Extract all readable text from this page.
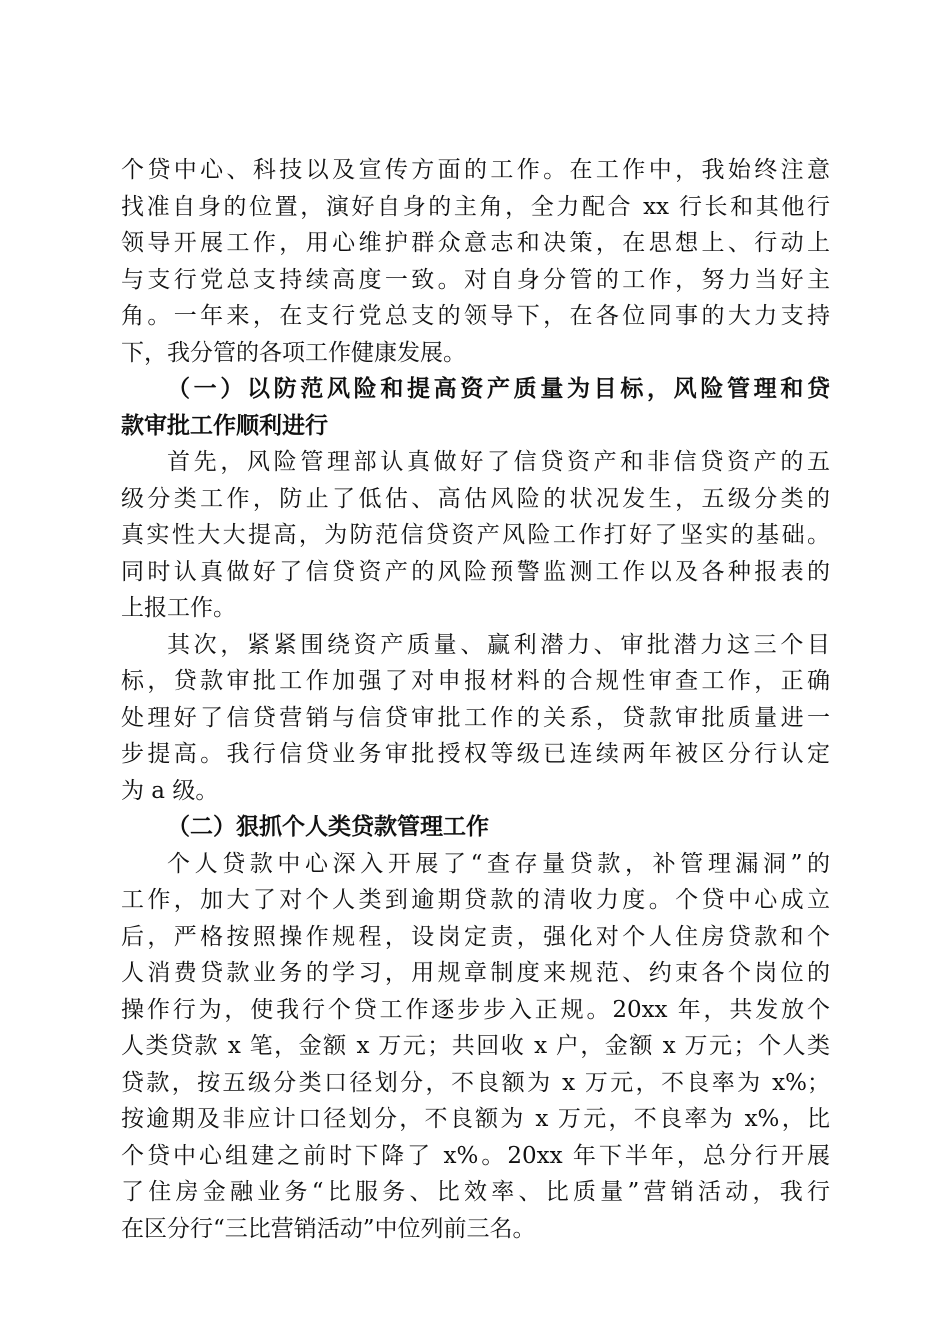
个贷中心、科技以及宣传方面的工作。在工作中，我始终注意
找准自身的位置，演好自身的主角，全力配合 xx 行长和其他行
领导开展工作，用心维护群众意志和决策，在思想上、行动上
与支行党总支持续高度一致。对自身分管的工作，努力当好主
角。一年来，在支行党总支的领导下，在各位同事的大力支持
下，我分管的各项工作健康发展。

（一）以防范风险和提高资产质量为目标，风险管理和贷
款审批工作顺利进行

首先，风险管理部认真做好了信贷资产和非信贷资产的五
级分类工作，防止了低估、高估风险的状况发生，五级分类的
真实性大大提高，为防范信贷资产风险工作打好了坚实的基础。
同时认真做好了信贷资产的风险预警监测工作以及各种报表的
上报工作。

其次，紧紧围绕资产质量、赢利潜力、审批潜力这三个目
标，贷款审批工作加强了对申报材料的合规性审查工作，正确
处理好了信贷营销与信贷审批工作的关系，贷款审批质量进一
步提高。我行信贷业务审批授权等级已连续两年被区分行认定
为 a 级。

（二）狠抓个人类贷款管理工作

个人贷款中心深入开展了“查存量贷款，补管理漏洞”的
工作，加大了对个人类到逾期贷款的清收力度。个贷中心成立
后，严格按照操作规程，设岗定责，强化对个人住房贷款和个
人消费贷款业务的学习，用规章制度来规范、约束各个岗位的
操作行为，使我行个贷工作逐步步入正规。20xx 年，共发放个
人类贷款 x 笔，金额 x 万元；共回收 x 户，金额 x 万元；个人类
贷款，按五级分类口径划分，不良额为 x 万元，不良率为 x%；
按逾期及非应计口径划分，不良额为 x 万元，不良率为 x%，比
个贷中心组建之前时下降了 x%。20xx 年下半年，总分行开展
了住房金融业务“比服务、比效率、比质量”营销活动，我行
在区分行“三比营销活动”中位列前三名。
